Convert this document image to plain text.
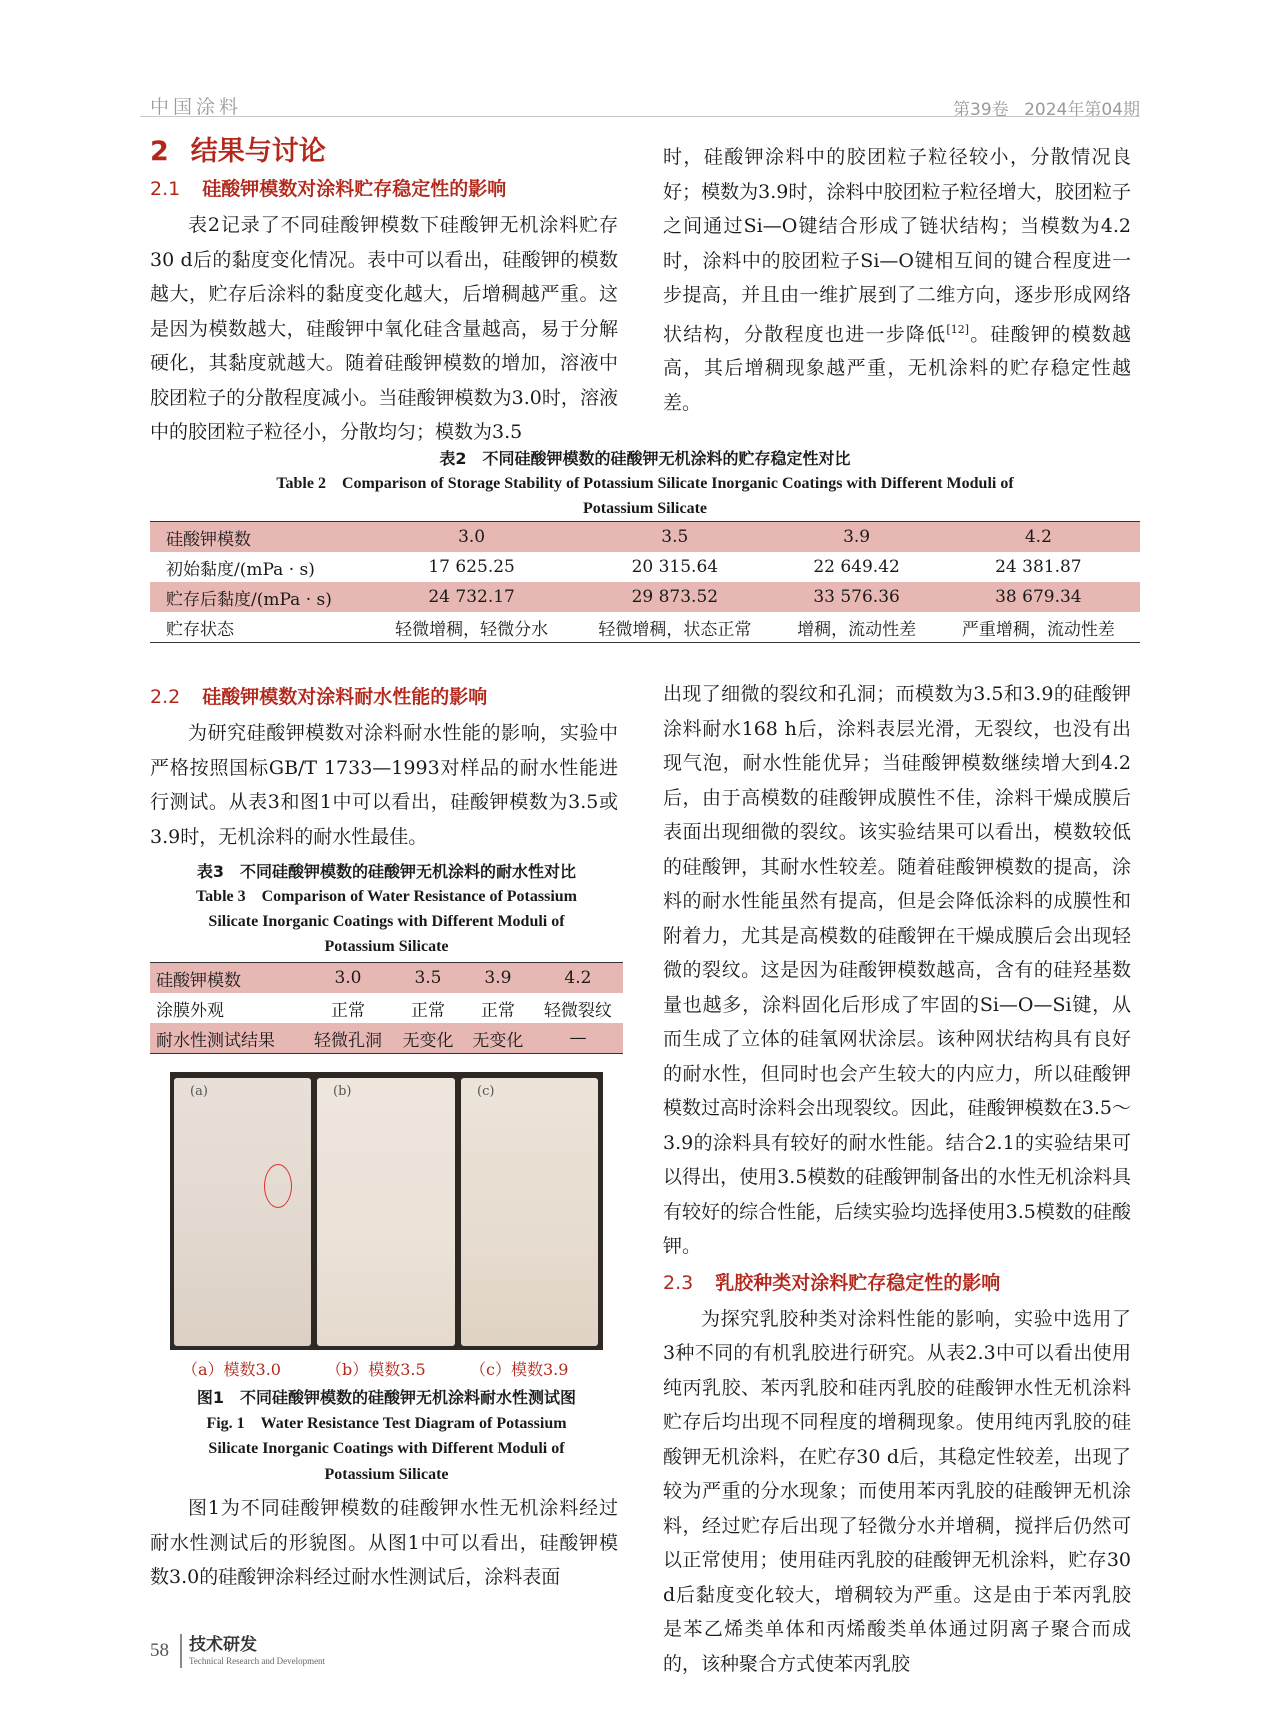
中国涂料	第39卷 2024年第04期
2 结果与讨论
2.1 硅酸钾模数对涂料贮存稳定性的影响

表2记录了不同硅酸钾模数下硅酸钾无机涂料贮存30 d后的黏度变化情况。表中可以看出，硅酸钾的模数越大，贮存后涂料的黏度变化越大，后增稠越严重。这是因为模数越大，硅酸钾中氧化硅含量越高，易于分解硬化，其黏度就越大。随着硅酸钾模数的增加，溶液中胶团粒子的分散程度减小。当硅酸钾模数为3.0时，溶液中的胶团粒子粒径小，分散均匀；模数为3.5

时，硅酸钾涂料中的胶团粒子粒径较小，分散情况良好；模数为3.9时，涂料中胶团粒子粒径增大，胶团粒子之间通过Si—O键结合形成了链状结构；当模数为4.2时，涂料中的胶团粒子Si—O键相互间的键合程度进一步提高，并且由一维扩展到了二维方向，逐步形成网络状结构，分散程度也进一步降低[12]。硅酸钾的模数越高，其后增稠现象越严重，无机涂料的贮存稳定性越差。

表2　不同硅酸钾模数的硅酸钾无机涂料的贮存稳定性对比
Table 2　Comparison of Storage Stability of Potassium Silicate Inorganic Coatings with Different Moduli of
Potassium Silicate
硅酸钾模数	3.0	3.5	3.9	4.2
初始黏度/(mPa · s)	17 625.25	20 315.64	22 649.42	24 381.87
贮存后黏度/(mPa · s)	24 732.17	29 873.52	33 576.36	38 679.34
贮存状态	轻微增稠，轻微分水	轻微增稠，状态正常	增稠，流动性差	严重增稠，流动性差
2.2 硅酸钾模数对涂料耐水性能的影响

为研究硅酸钾模数对涂料耐水性能的影响，实验中严格按照国标GB/T 1733—1993对样品的耐水性能进行测试。从表3和图1中可以看出，硅酸钾模数为3.5或3.9时，无机涂料的耐水性最佳。

表3　不同硅酸钾模数的硅酸钾无机涂料的耐水性对比
Table 3　Comparison of Water Resistance of Potassium
Silicate Inorganic Coatings with Different Moduli of
Potassium Silicate
硅酸钾模数	3.0	3.5	3.9	4.2
涂膜外观	正常	正常	正常	轻微裂纹
耐水性测试结果	轻微孔洞	无变化	无变化	—
(a)	(b)	(c)
（a）模数3.0	（b）模数3.5	（c）模数3.9
图1　不同硅酸钾模数的硅酸钾无机涂料耐水性测试图
Fig. 1　Water Resistance Test Diagram of Potassium
Silicate Inorganic Coatings with Different Moduli of
Potassium Silicate

图1为不同硅酸钾模数的硅酸钾水性无机涂料经过耐水性测试后的形貌图。从图1中可以看出，硅酸钾模数3.0的硅酸钾涂料经过耐水性测试后，涂料表面

出现了细微的裂纹和孔洞；而模数为3.5和3.9的硅酸钾涂料耐水168 h后，涂料表层光滑，无裂纹，也没有出现气泡，耐水性能优异；当硅酸钾模数继续增大到4.2后，由于高模数的硅酸钾成膜性不佳，涂料干燥成膜后表面出现细微的裂纹。该实验结果可以看出，模数较低的硅酸钾，其耐水性较差。随着硅酸钾模数的提高，涂料的耐水性能虽然有提高，但是会降低涂料的成膜性和附着力，尤其是高模数的硅酸钾在干燥成膜后会出现轻微的裂纹。这是因为硅酸钾模数越高，含有的硅羟基数量也越多，涂料固化后形成了牢固的Si—O—Si键，从而生成了立体的硅氧网状涂层。该种网状结构具有良好的耐水性，但同时也会产生较大的内应力，所以硅酸钾模数过高时涂料会出现裂纹。因此，硅酸钾模数在3.5～3.9的涂料具有较好的耐水性能。结合2.1的实验结果可以得出，使用3.5模数的硅酸钾制备出的水性无机涂料具有较好的综合性能，后续实验均选择使用3.5模数的硅酸钾。

2.3 乳胶种类对涂料贮存稳定性的影响

为探究乳胶种类对涂料性能的影响，实验中选用了3种不同的有机乳胶进行研究。从表2.3中可以看出使用纯丙乳胶、苯丙乳胶和硅丙乳胶的硅酸钾水性无机涂料贮存后均出现不同程度的增稠现象。使用纯丙乳胶的硅酸钾无机涂料，在贮存30 d后，其稳定性较差，出现了较为严重的分水现象；而使用苯丙乳胶的硅酸钾无机涂料，经过贮存后出现了轻微分水并增稠，搅拌后仍然可以正常使用；使用硅丙乳胶的硅酸钾无机涂料，贮存30 d后黏度变化较大，增稠较为严重。这是由于苯丙乳胶是苯乙烯类单体和丙烯酸类单体通过阴离子聚合而成的，该种聚合方式使苯丙乳胶

58 技术研发
Technical Research and Development
